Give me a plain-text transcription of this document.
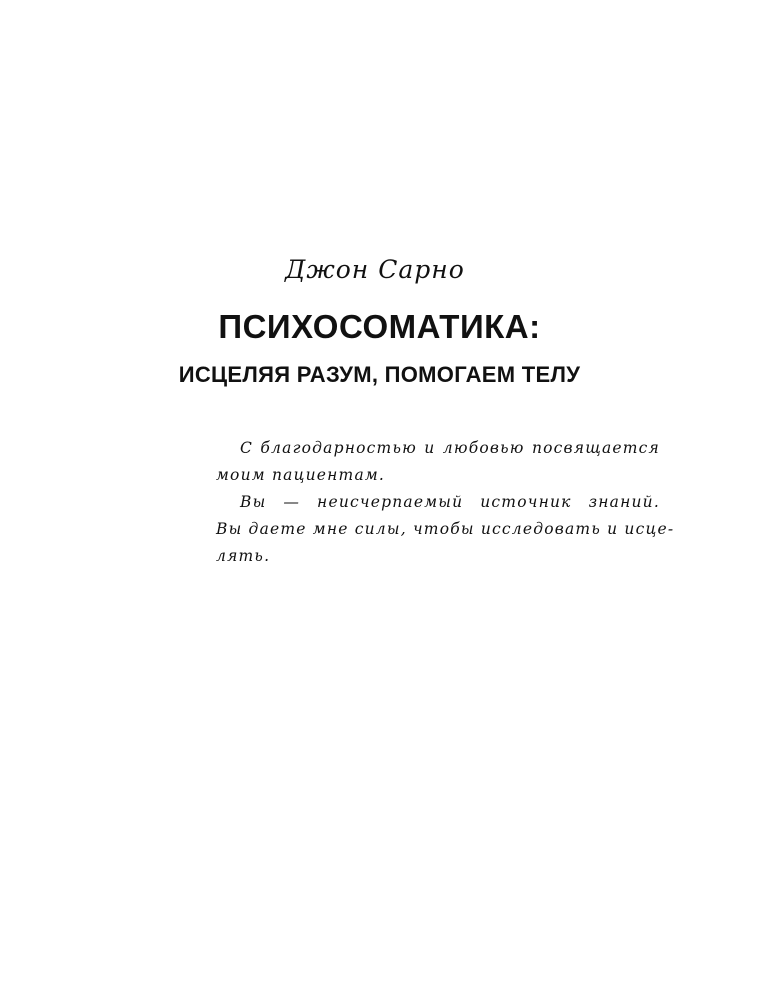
Джон Сарно
ПСИХОСОМАТИКА:
ИСЦЕЛЯЯ РАЗУМ, ПОМОГАЕМ ТЕЛУ
С благодарностью и любовью посвящается
моим пациентам.
Вы — неисчерпаемый источник знаний.
Вы даете мне силы, чтобы исследовать и исце-
лять.
